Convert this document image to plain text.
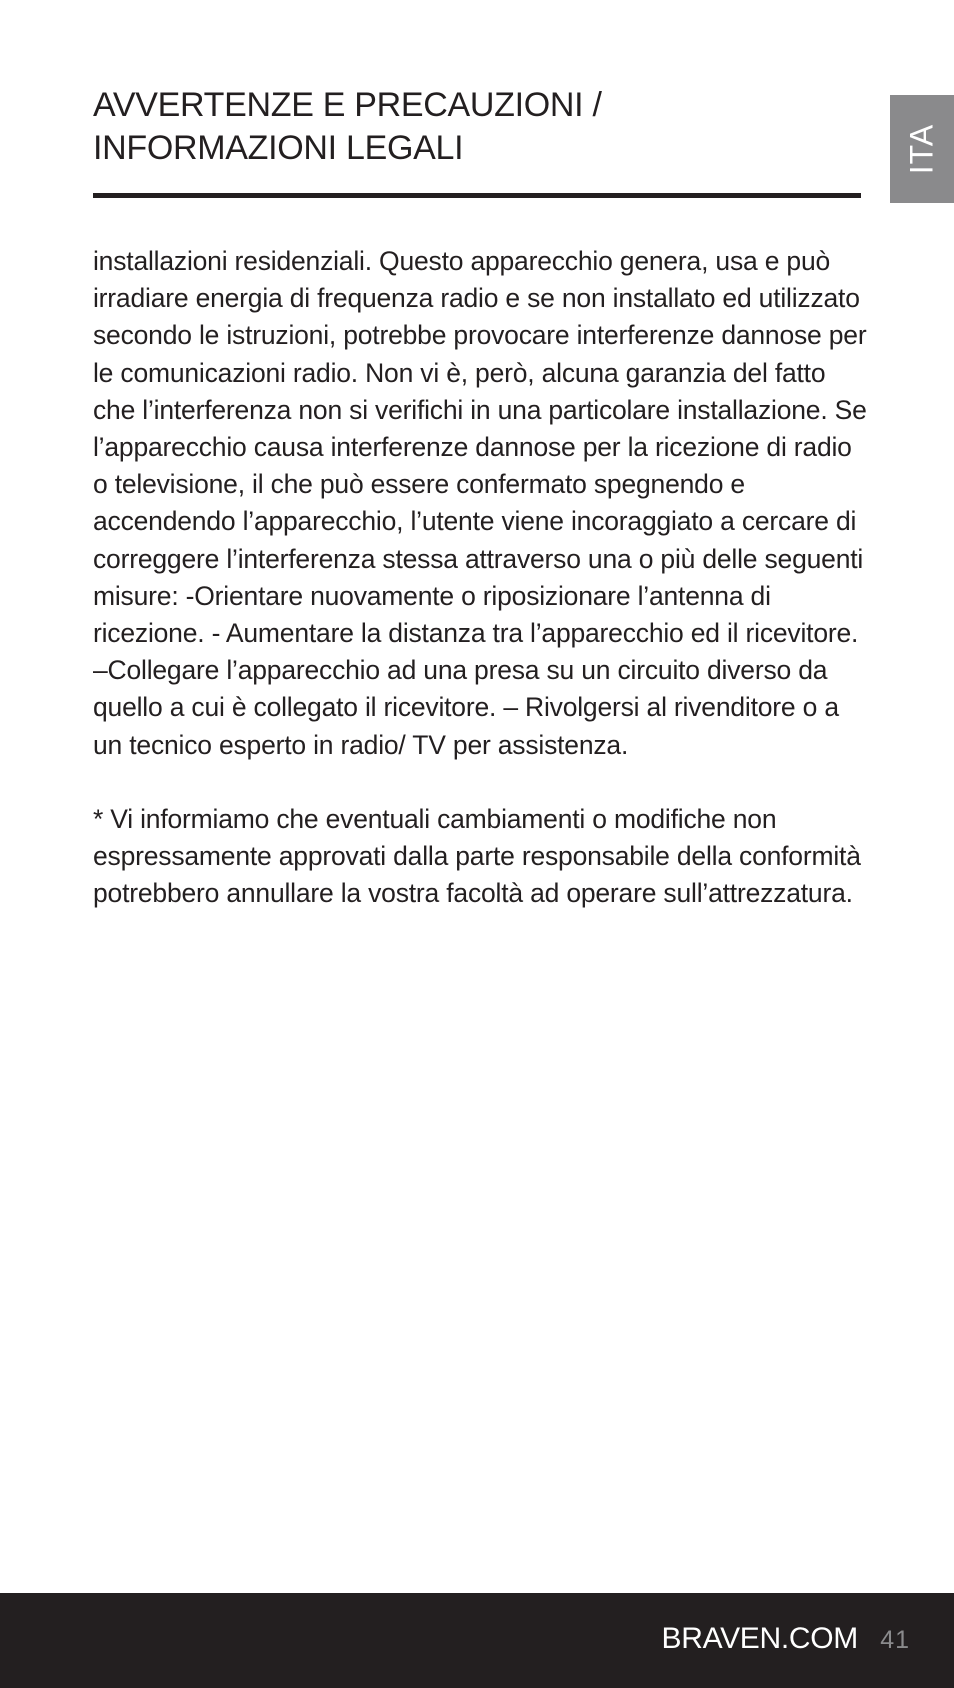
AVVERTENZE E PRECAUZIONI /
INFORMAZIONI LEGALI	ITA

installazioni residenziali. Questo apparecchio genera, usa e può irradiare energia di frequenza radio e se non installato ed utilizzato secondo le istruzioni, potrebbe provocare interferenze dannose per le comunicazioni radio. Non vi è, però, alcuna garanzia del fatto che l’interferenza non si verifichi in una particolare installazione. Se l’apparecchio causa interferenze dannose per la ricezione di radio o televisione, il che può essere confermato spegnendo e accendendo l’apparecchio, l’utente viene incoraggiato a cercare di correggere l’interferenza stessa attraverso una o più delle seguenti misure: -Orientare nuovamente o riposizionare l’antenna di ricezione. - Aumentare la distanza tra l’apparecchio ed il ricevitore. –Collegare l’apparecchio ad una presa su un circuito diverso da quello a cui è collegato il ricevitore. – Rivolgersi al rivenditore o a un tecnico esperto in radio/ TV per assistenza.

* Vi informiamo che eventuali cambiamenti o modifiche non espressamente approvati dalla parte responsabile della conformità potrebbero annullare la vostra facoltà ad operare sull’attrezzatura.

BRAVEN.COM 41
